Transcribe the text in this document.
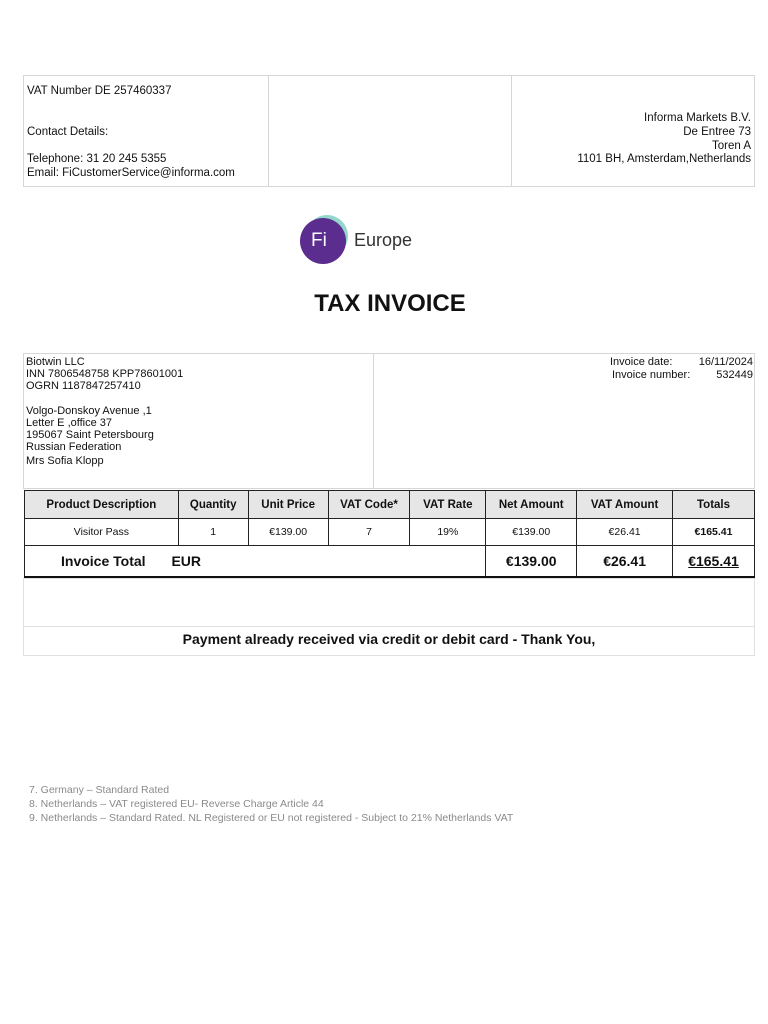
VAT Number DE 257460337
Contact Details:
Telephone: 31 20 245 5355
Email: FiCustomerService@informa.com
Informa Markets B.V.
De Entree 73
Toren A
1101 BH, Amsterdam,Netherlands
Fi Europe
TAX INVOICE
Biotwin LLC
INN 7806548758 KPP78601001
OGRN 1187847257410
Volgo-Donskoy Avenue ,1
Letter E ,office 37
195067 Saint Petersbourg
Russian Federation
Mrs Sofia Klopp
Invoice date: 16/11/2024
Invoice number: 532449
Product Description	Quantity	Unit Price	VAT Code*	VAT Rate	Net Amount	VAT Amount	Totals
Visitor Pass	1	€139.00	7	19%	€139.00	€26.41	€165.41
Invoice Total EUR					€139.00	€26.41	€165.41
Payment already received via credit or debit card - Thank You,
7. Germany – Standard Rated
8. Netherlands – VAT registered EU- Reverse Charge Article 44
9. Netherlands – Standard Rated. NL Registered or EU not registered - Subject to 21% Netherlands VAT
